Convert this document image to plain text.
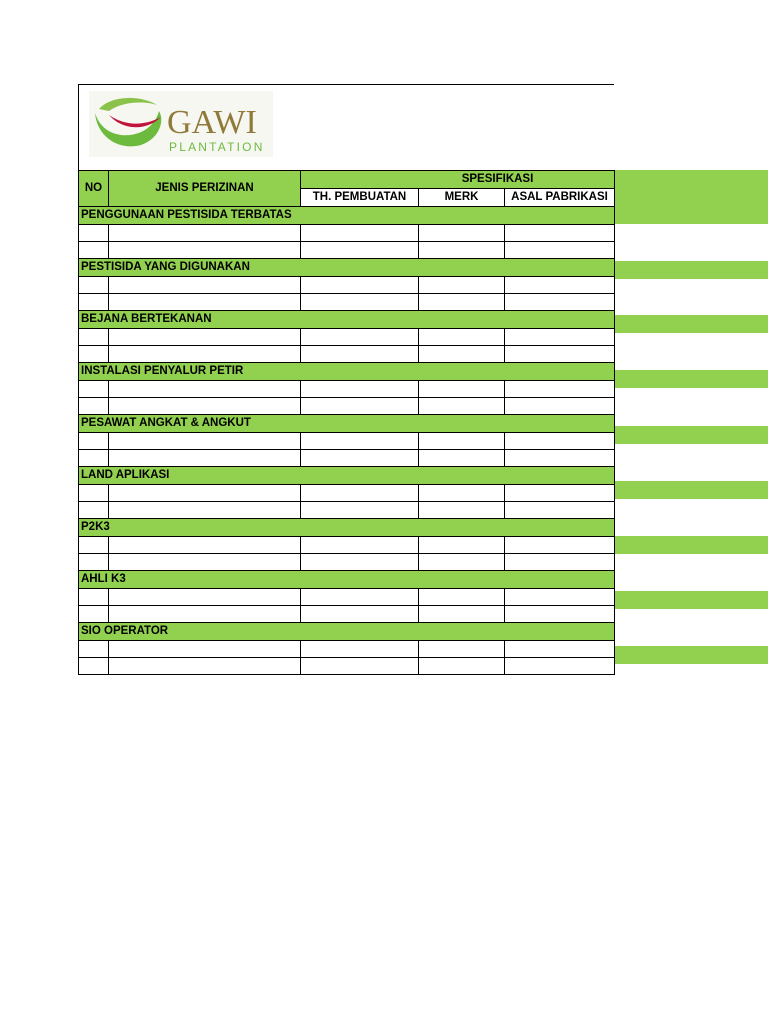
GAWI
PLANTATION
NO	JENIS PERIZINAN	SPESIFIKASI		
		TH. PEMBUATAN	MERK	ASAL PABRIKASI
PENGGUNAAN PESTISIDA TERBATAS				

PESTISIDA YANG DIGUNAKAN				

BEJANA BERTEKANAN				

INSTALASI PENYALUR PETIR				

PESAWAT ANGKAT & ANGKUT				

LAND APLIKASI				

P2K3				

AHLI K3				

SIO OPERATOR				
